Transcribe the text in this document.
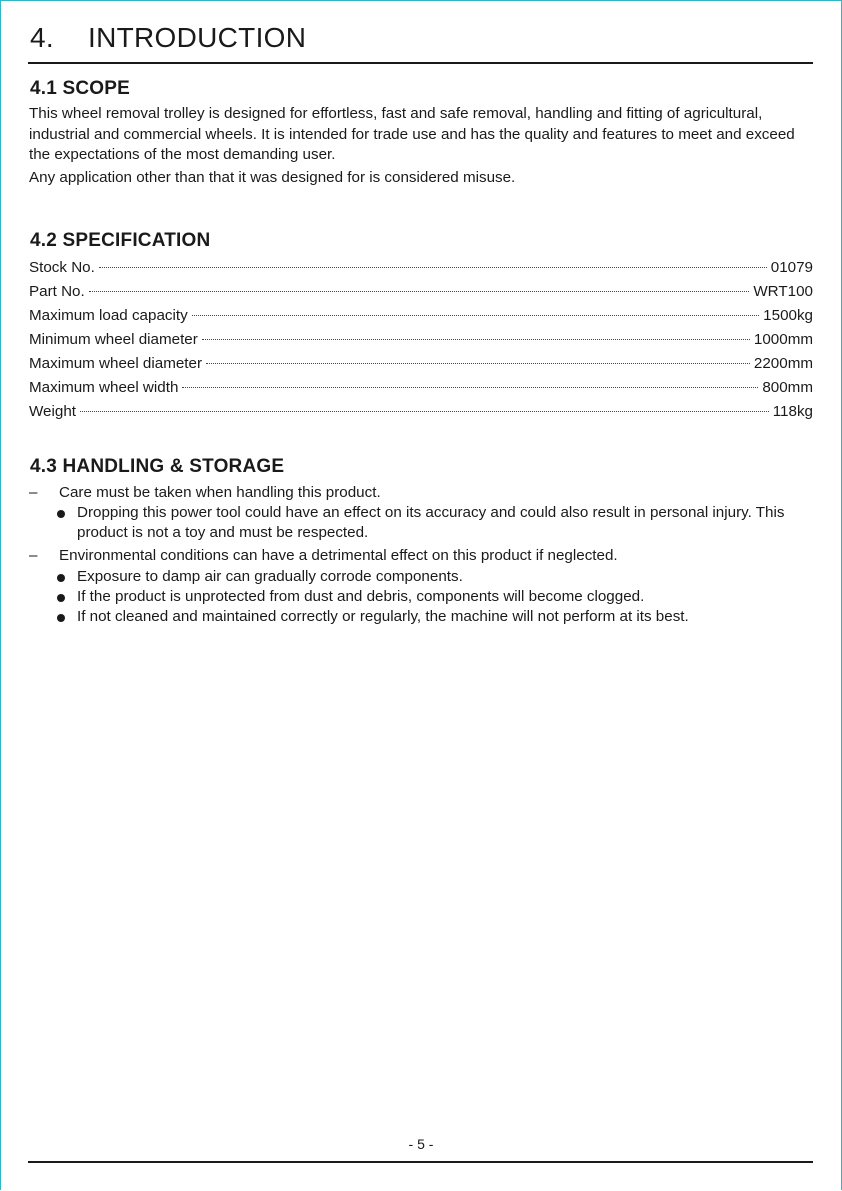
4. INTRODUCTION
4.1 SCOPE

This wheel removal trolley is designed for effortless, fast and safe removal, handling and fitting of agricultural, industrial and commercial wheels. It is intended for trade use and has the quality and features to meet and exceed the expectations of the most demanding user.

Any application other than that it was designed for is considered misuse.

4.2 SPECIFICATION
Stock No.	01079
Part No.	WRT100
Maximum load capacity	1500kg
Minimum wheel diameter	1000mm
Maximum wheel diameter	2200mm
Maximum wheel width	800mm
Weight	118kg
4.3 HANDLING & STORAGE
– Care must be taken when handling this product.
Dropping this power tool could have an effect on its accuracy and could also result in personal injury. This product is not a toy and must be respected.
– Environmental conditions can have a detrimental effect on this product if neglected.
Exposure to damp air can gradually corrode components.
If the product is unprotected from dust and debris, components will become clogged.
If not cleaned and maintained correctly or regularly, the machine will not perform at its best.
- 5 -
